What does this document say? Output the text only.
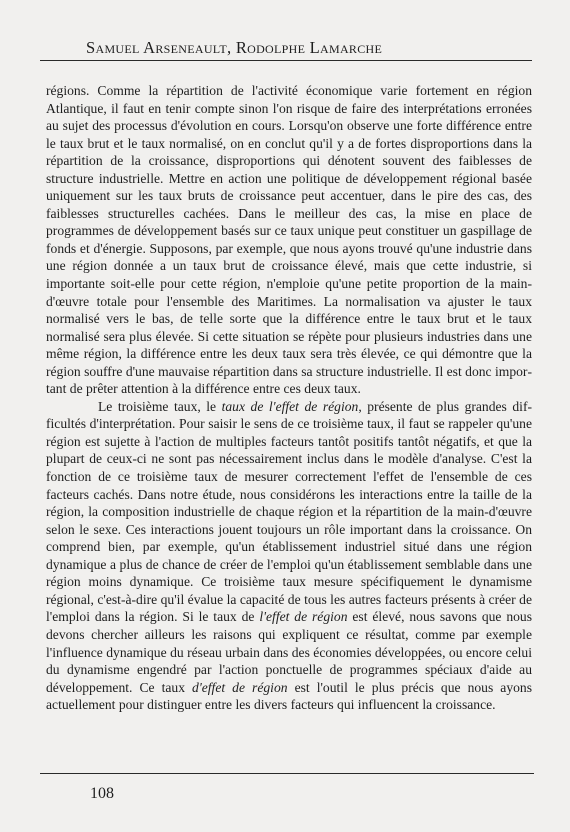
Samuel Arseneault, Rodolphe Lamarche

régions. Comme la répartition de l'activité économique varie fortement en région Atlantique, il faut en tenir compte sinon l'on risque de faire des interprétations erronées au sujet des processus d'évolution en cours. Lorsqu'on observe une forte différence entre le taux brut et le taux normalisé, on en conclut qu'il y a de fortes disproportions dans la répartition de la croissance, disproportions qui dénotent souvent des faiblesses de structure industrielle. Mettre en action une politique de développement régional basée uniquement sur les taux bruts de croissance peut accentuer, dans le pire des cas, des faiblesses structurelles cachées. Dans le meilleur des cas, la mise en place de programmes de développement basés sur ce taux unique peut constituer un gaspillage de fonds et d'énergie. Supposons, par exemple, que nous ayons trouvé qu'une industrie dans une région donnée a un taux brut de croissance élevé, mais que cette industrie, si importante soit-elle pour cette région, n'emploie qu'une petite proportion de la main-d'œuvre totale pour l'ensemble des Maritimes. La normalisation va ajuster le taux normalisé vers le bas, de telle sorte que la différence entre le taux brut et le taux normalisé sera plus élevée. Si cette situation se répète pour plusieurs industries dans une même région, la différence entre les deux taux sera très élevée, ce qui démontre que la région souffre d'une mauvaise répartition dans sa structure industrielle. Il est donc important de prêter attention à la différence entre ces deux taux.

Le troisième taux, le taux de l'effet de région, présente de plus grandes difficultés d'interprétation. Pour saisir le sens de ce troisième taux, il faut se rappeler qu'une région est sujette à l'action de multiples facteurs tantôt positifs tantôt négatifs, et que la plupart de ceux-ci ne sont pas nécessairement inclus dans le modèle d'analyse. C'est la fonction de ce troisième taux de mesurer correctement l'effet de l'ensemble de ces facteurs cachés. Dans notre étude, nous considérons les interactions entre la taille de la région, la composition industrielle de chaque région et la répartition de la main-d'œuvre selon le sexe. Ces interactions jouent toujours un rôle important dans la croissance. On comprend bien, par exemple, qu'un établissement industriel situé dans une région dynamique a plus de chance de créer de l'emploi qu'un établissement semblable dans une région moins dynamique. Ce troisième taux mesure spécifiquement le dynamisme régional, c'est-à-dire qu'il évalue la capacité de tous les autres facteurs présents à créer de l'emploi dans la région. Si le taux de l'effet de région est élevé, nous savons que nous devons chercher ailleurs les raisons qui expliquent ce résultat, comme par exemple l'influence dynamique du réseau urbain dans des économies développées, ou encore celui du dynamisme engendré par l'action ponctuelle de programmes spéciaux d'aide au développement. Ce taux d'effet de région est l'outil le plus précis que nous ayons actuellement pour distinguer entre les divers facteurs qui influencent la croissance.

108
